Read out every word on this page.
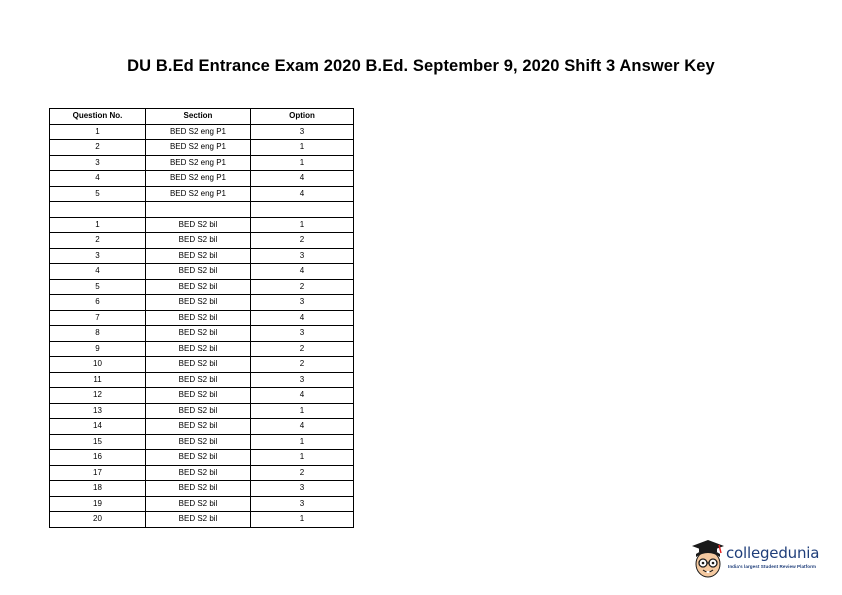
DU B.Ed Entrance Exam 2020 B.Ed. September 9, 2020 Shift 3 Answer Key
Question No.	Section	Option
1	BED S2 eng P1	3
2	BED S2 eng P1	1
3	BED S2 eng P1	1
4	BED S2 eng P1	4
5	BED S2 eng P1	4

1	BED S2 bil	1
2	BED S2 bil	2
3	BED S2 bil	3
4	BED S2 bil	4
5	BED S2 bil	2
6	BED S2 bil	3
7	BED S2 bil	4
8	BED S2 bil	3
9	BED S2 bil	2
10	BED S2 bil	2
11	BED S2 bil	3
12	BED S2 bil	4
13	BED S2 bil	1
14	BED S2 bil	4
15	BED S2 bil	1
16	BED S2 bil	1
17	BED S2 bil	2
18	BED S2 bil	3
19	BED S2 bil	3
20	BED S2 bil	1
collegedunia
India's largest Student Review Platform
